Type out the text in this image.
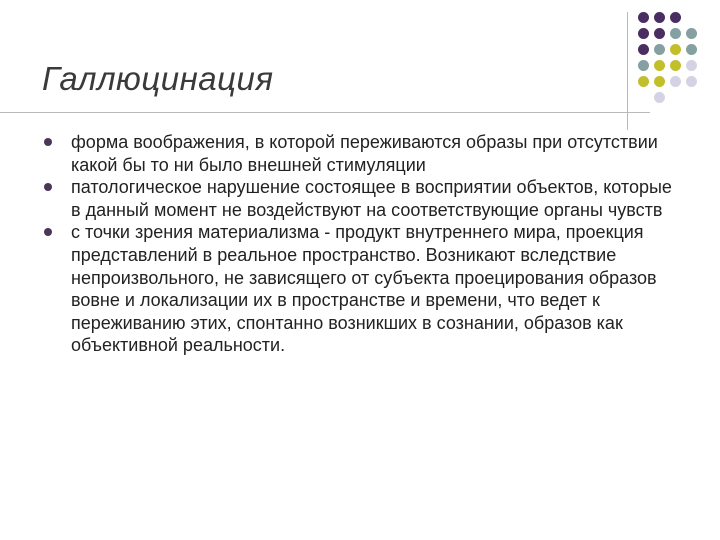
Галлюцинация
форма воображения, в которой переживаются образы при отсутствии какой бы то ни было внешней стимуляции
патологическое нарушение состоящее в восприятии объектов, которые в данный момент не воздействуют на соответствующие органы чувств
с точки зрения материализма - продукт внутреннего мира, проекция представлений в реальное пространство. Возникают вследствие непроизвольного, не зависящего от субъекта проецирования образов вовне и локализации их в пространстве и времени, что ведет к переживанию этих, спонтанно возникших в сознании, образов как объективной реальности.
